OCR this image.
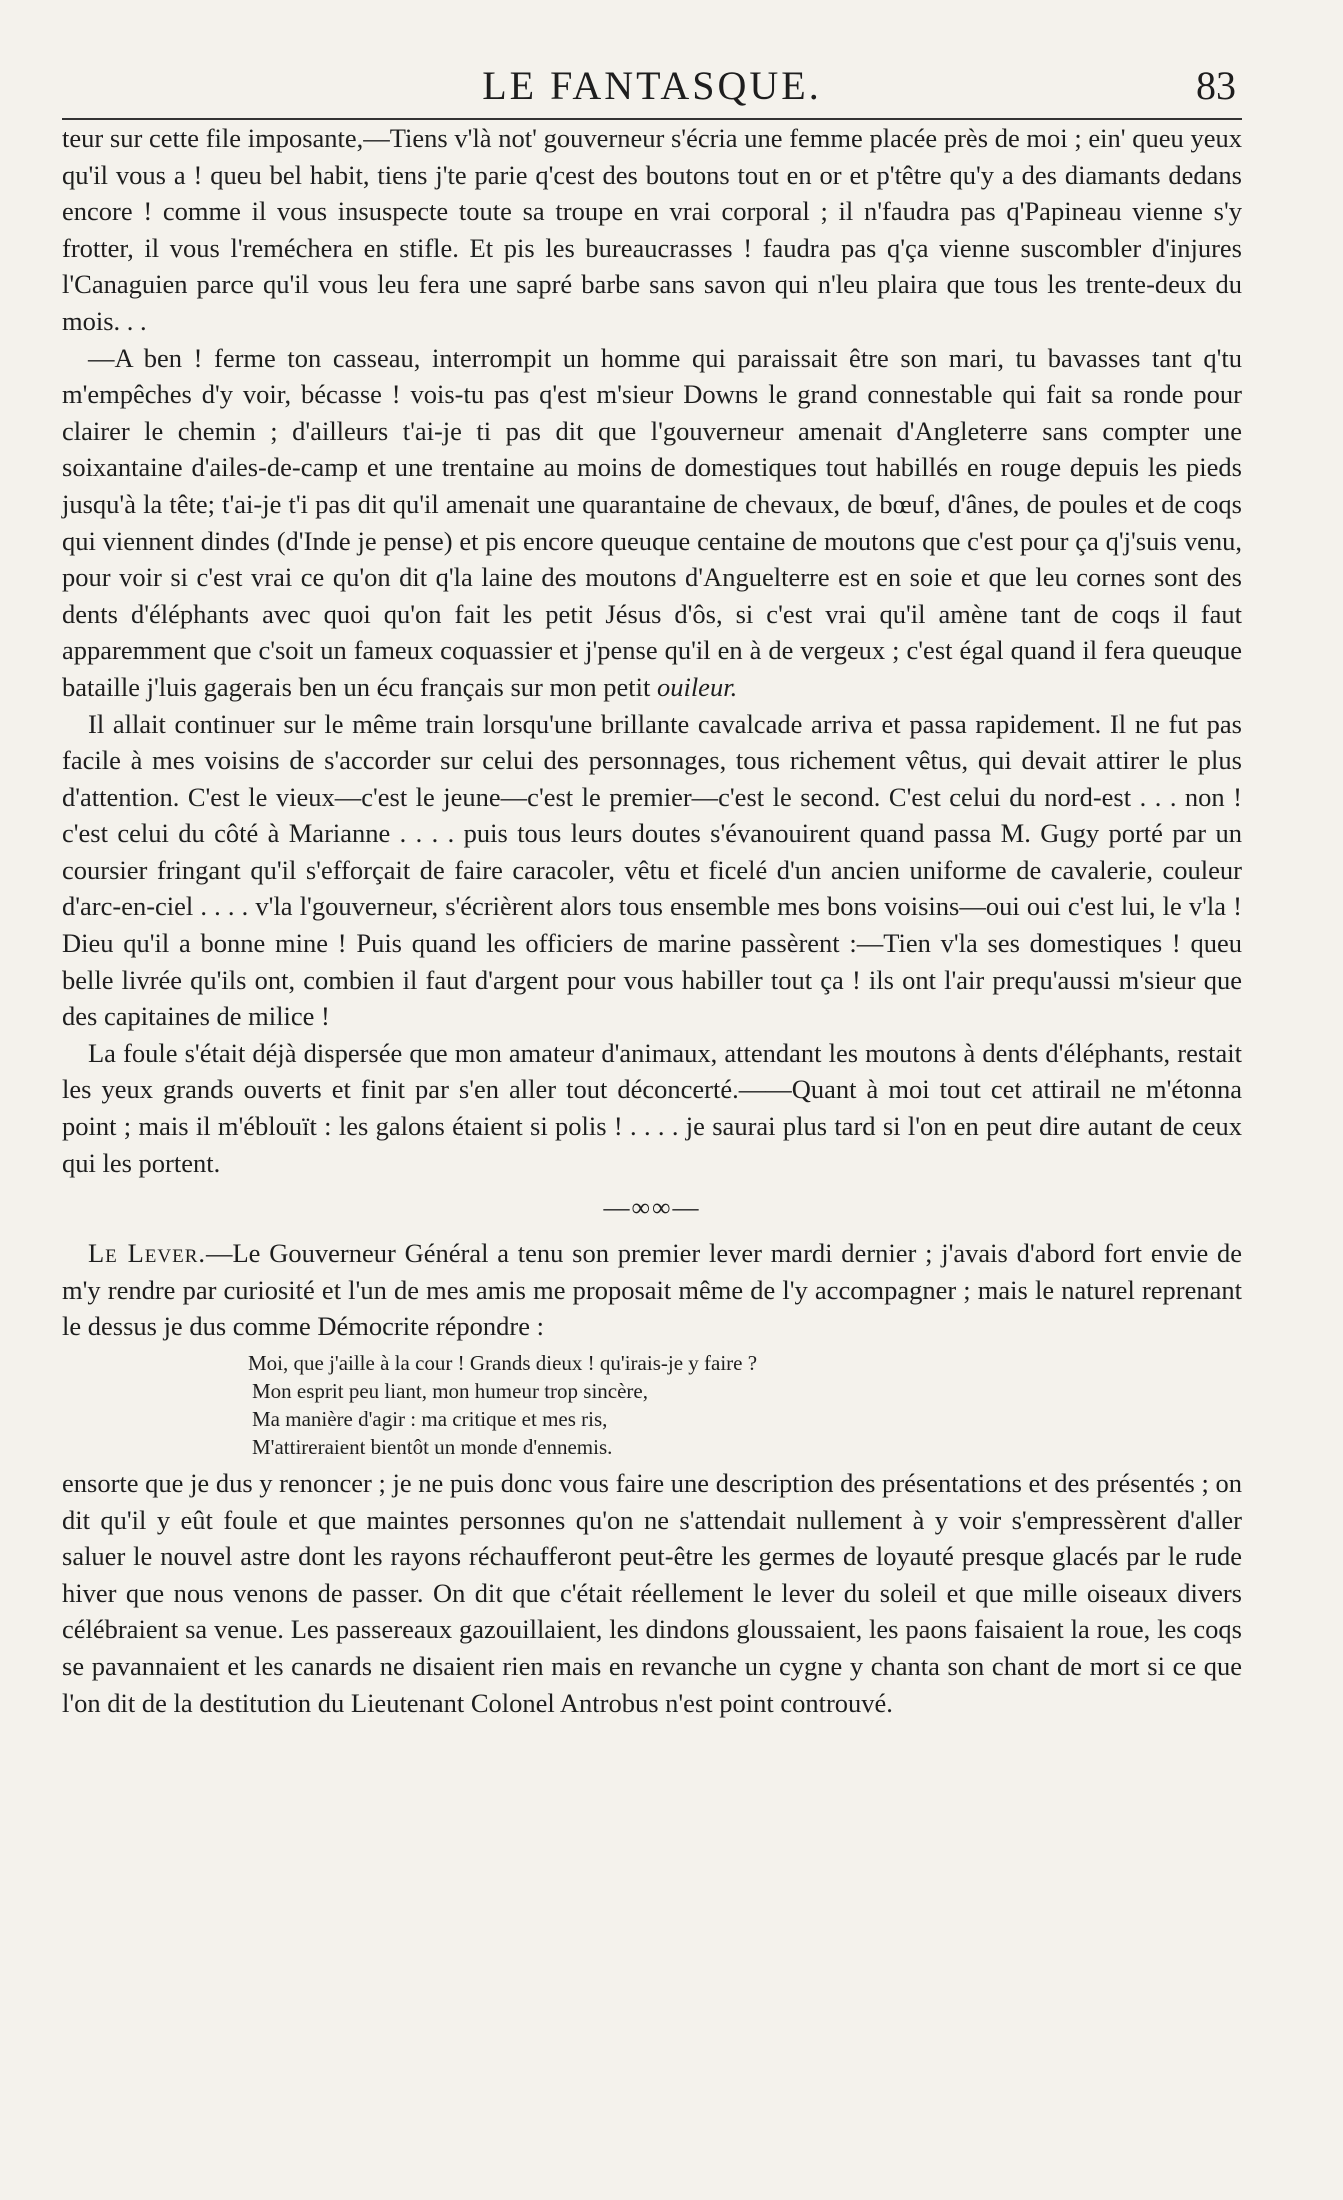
LE FANTASQUE.	83

teur sur cette file imposante,—Tiens v'là not' gouverneur s'écria une femme placée près de moi ; ein' queu yeux qu'il vous a ! queu bel habit, tiens j'te parie q'cest des boutons tout en or et p'têtre qu'y a des diamants dedans encore ! comme il vous insuspecte toute sa troupe en vrai corporal ; il n'faudra pas q'Papineau vienne s'y frotter, il vous l'reméchera en stifle. Et pis les bureaucrasses ! faudra pas q'ça vienne suscombler d'injures l'Canaguien parce qu'il vous leu fera une sapré barbe sans savon qui n'leu plaira que tous les trente-deux du mois. . .

—A ben ! ferme ton casseau, interrompit un homme qui paraissait être son mari, tu bavasses tant q'tu m'empêches d'y voir, bécasse ! vois-tu pas q'est m'sieur Downs le grand connestable qui fait sa ronde pour clairer le chemin ; d'ailleurs t'ai-je ti pas dit que l'gouverneur amenait d'Angleterre sans compter une soixantaine d'ailes-de-camp et une trentaine au moins de domestiques tout habillés en rouge depuis les pieds jusqu'à la tête; t'ai-je t'i pas dit qu'il amenait une quarantaine de chevaux, de bœuf, d'ânes, de poules et de coqs qui viennent dindes (d'Inde je pense) et pis encore queuque centaine de moutons que c'est pour ça q'j'suis venu, pour voir si c'est vrai ce qu'on dit q'la laine des moutons d'Anguelterre est en soie et que leu cornes sont des dents d'éléphants avec quoi qu'on fait les petit Jésus d'ôs, si c'est vrai qu'il amène tant de coqs il faut apparemment que c'soit un fameux coquassier et j'pense qu'il en à de vergeux ; c'est égal quand il fera queuque bataille j'luis gagerais ben un écu français sur mon petit ouileur.

Il allait continuer sur le même train lorsqu'une brillante cavalcade arriva et passa rapidement. Il ne fut pas facile à mes voisins de s'accorder sur celui des personnages, tous richement vêtus, qui devait attirer le plus d'attention. C'est le vieux—c'est le jeune—c'est le premier—c'est le second. C'est celui du nord-est . . . non ! c'est celui du côté à Marianne . . . . puis tous leurs doutes s'évanouirent quand passa M. Gugy porté par un coursier fringant qu'il s'efforçait de faire caracoler, vêtu et ficelé d'un ancien uniforme de cavalerie, couleur d'arc-en-ciel . . . . v'la l'gouverneur, s'écrièrent alors tous ensemble mes bons voisins—oui oui c'est lui, le v'la ! Dieu qu'il a bonne mine ! Puis quand les officiers de marine passèrent :—Tien v'la ses domestiques ! queu belle livrée qu'ils ont, combien il faut d'argent pour vous habiller tout ça ! ils ont l'air prequ'aussi m'sieur que des capitaines de milice !

La foule s'était déjà dispersée que mon amateur d'animaux, attendant les moutons à dents d'éléphants, restait les yeux grands ouverts et finit par s'en aller tout déconcerté.——Quant à moi tout cet attirail ne m'étonna point ; mais il m'éblouït : les galons étaient si polis ! . . . . je saurai plus tard si l'on en peut dire autant de ceux qui les portent.

—∞∞—

Le Lever.—Le Gouverneur Général a tenu son premier lever mardi dernier ; j'avais d'abord fort envie de m'y rendre par curiosité et l'un de mes amis me proposait même de l'y accompagner ; mais le naturel reprenant le dessus je dus comme Démocrite répondre :

Moi, que j'aille à la cour ! Grands dieux ! qu'irais-je y faire ?
Mon esprit peu liant, mon humeur trop sincère,
Ma manière d'agir : ma critique et mes ris,
M'attireraient bientôt un monde d'ennemis.

ensorte que je dus y renoncer ; je ne puis donc vous faire une description des présentations et des présentés ; on dit qu'il y eût foule et que maintes personnes qu'on ne s'attendait nullement à y voir s'empressèrent d'aller saluer le nouvel astre dont les rayons réchaufferont peut-être les germes de loyauté presque glacés par le rude hiver que nous venons de passer. On dit que c'était réellement le lever du soleil et que mille oiseaux divers célébraient sa venue. Les passereaux gazouillaient, les dindons gloussaient, les paons faisaient la roue, les coqs se pavannaient et les canards ne disaient rien mais en revanche un cygne y chanta son chant de mort si ce que l'on dit de la destitution du Lieutenant Colonel Antrobus n'est point controuvé.
